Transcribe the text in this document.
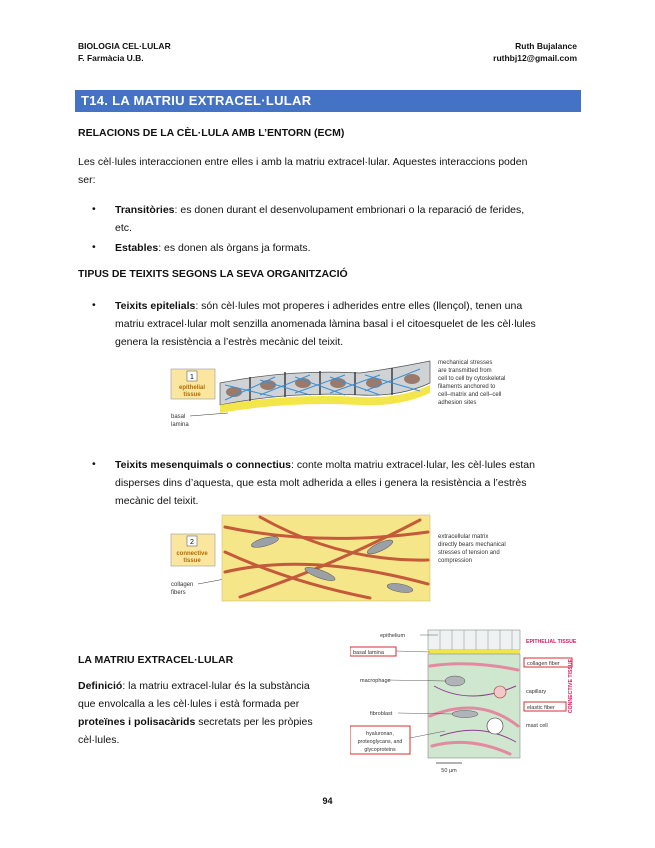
BIOLOGIA CEL·LULAR
F. Farmàcia U.B.
Ruth Bujalance
ruthbj12@gmail.com
T14. LA MATRIU EXTRACEL·LULAR
RELACIONS DE LA CÈL·LULA AMB L’ENTORN (ECM)
Les cèl·lules interaccionen entre elles i amb la matriu extracel·lular. Aquestes interaccions poden
ser:
• Transitòries: es donen durant el desenvolupament embrionari o la reparació de ferides,
etc.
• Estables: es donen als òrgans ja formats.
TIPUS DE TEIXITS SEGONS LA SEVA ORGANITZACIÓ
• Teixits epitelials: són cèl·lules mot properes i adherides entre elles (llençol), tenen una
matriu extracel·lular molt senzilla anomenada làmina basal i el citoesquelet de les cèl·lules
genera la resistència a l’estrès mecànic del teixit.
1
epithelial
tissue
basal
lamina
mechanical stresses
are transmitted from
cell to cell by cytoskeletal
filaments anchored to
cell–matrix and cell–cell
adhesion sites
• Teixits mesenquimals o connectius: conte molta matriu extracel·lular, les cèl·lules estan
disperses dins d’aquesta, que esta molt adherida a elles i genera la resistència a l’estrès
mecànic del teixit.
2
connective
tissue
collagen
fibers
extracellular matrix
directly bears mechanical
stresses of tension and
compression
LA MATRIU EXTRACEL·LULAR
Definició: la matriu extracel·lular és la substància
que envolcalla a les cèl·lules i està formada per
proteïnes i polisacàrids secretats per les pròpies
cèl·lules.
epithelium
basal lamina
macrophage
fibroblast
hyaluronan,
proteoglycans, and
glycoproteins
EPITHELIAL TISSUE
collagen fiber
capillary
elastic fiber
mast cell
CONNECTIVE TISSUE
50 µm
94
